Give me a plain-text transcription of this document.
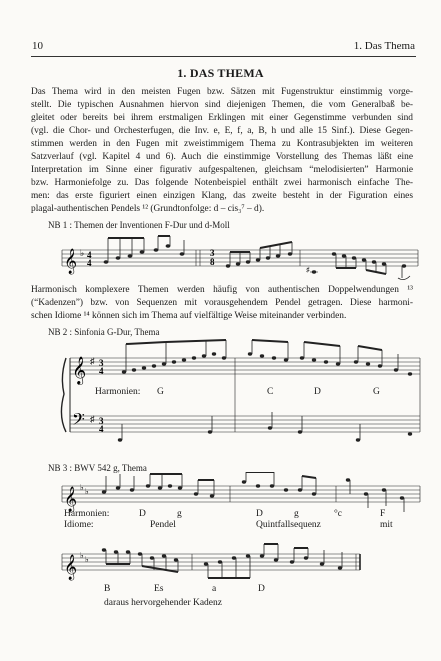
10	1. Das Thema
1. DAS THEMA
Das Thema wird in den meisten Fugen bzw. Sätzen mit Fugenstruktur einstimmig vorge-
stellt. Die typischen Ausnahmen hiervon sind diejenigen Themen, die vom Generalbaß be-
gleitet oder bereits bei ihrem erstmaligen Erklingen mit einer Gegenstimme verbunden sind
(vgl. die Chor- und Orchesterfugen, die Inv. e, E, f, a, B, h und alle 15 Sinf.). Diese Gegen-
stimmen werden in den Fugen mit zweistimmigem Thema zu Kontrasubjekten im weiteren
Satzverlauf (vgl. Kapitel 4 und 6). Auch die einstimmige Vorstellung des Themas läßt eine
Interpretation im Sinne einer figurativ aufgespaltenen, gleichsam “melodisierten” Harmonie
bzw. Harmoniefolge zu. Das folgende Notenbeispiel enthält zwei harmonisch einfache The-
men: das erste figuriert einen einzigen Klang, das zweite besteht in der Figuration eines
plagal-authentischen Pendels ¹² (Grundtonfolge: d – cis₃⁷ – d).
NB 1 : Themen der Inventionen F-Dur und d-Moll
𝄞 ♭ 4
4
3
8
♯
Harmonisch komplexere Themen werden häufig von authentischen Doppelwendungen ¹³
(“Kadenzen”) bzw. von Sequenzen mit vorausgehendem Pendel getragen. Diese harmoni-
schen Idiome ¹⁴ können sich im Thema auf vielfältige Weise miteinander verbinden.
NB 2 : Sinfonia G-Dur, Thema
𝄞
𝄢
♯
♯
3
4
3
4
Harmonien: G	C	D	G
NB 3 : BWV 542 g, Thema
𝄞 ♭ ♭
Harmonien:	D	g	D	g	°c	F
Idiome:	Pendel	Quintfallsequenz	mit
𝄞 ♭ ♭
B	Es	a	D
daraus hervorgehender Kadenz
